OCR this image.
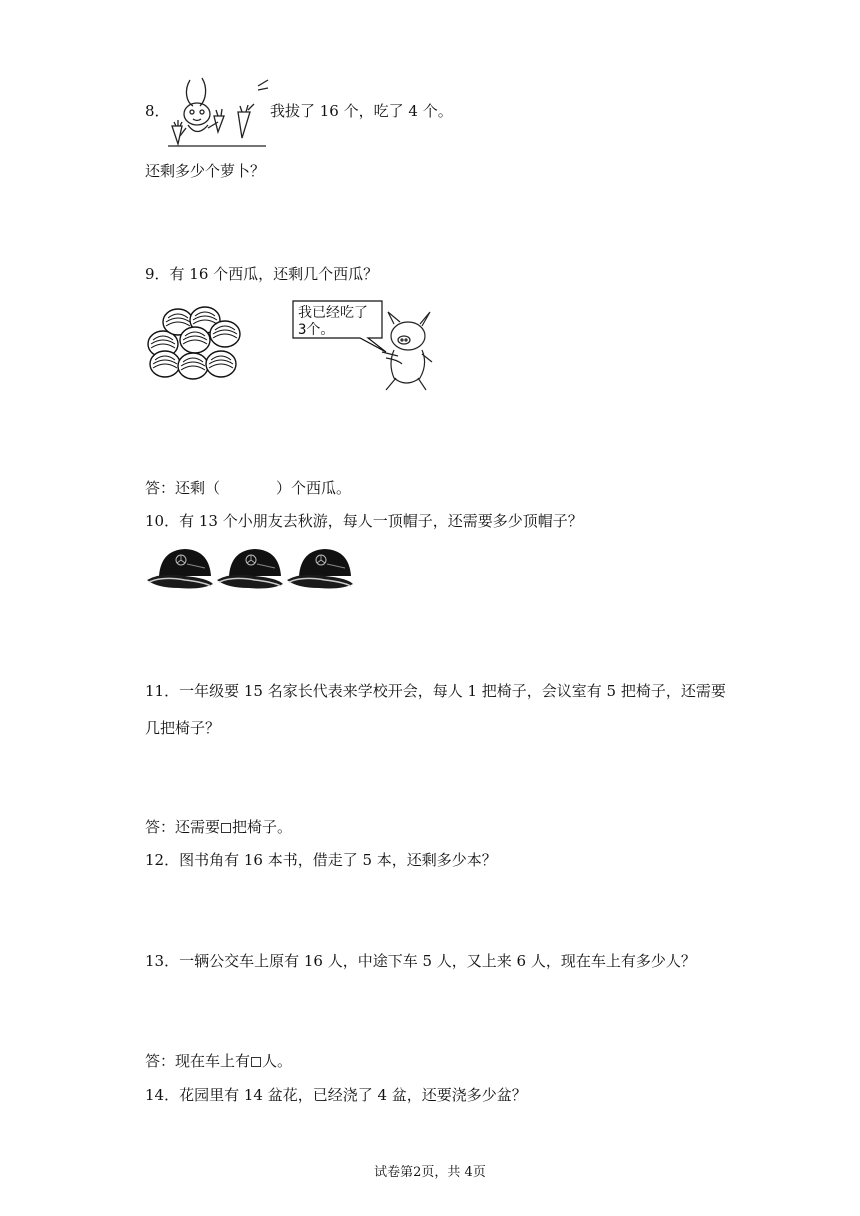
8．	我拔了 16 个，吃了 4 个。
还剩多少个萝卜？
9．有 16 个西瓜，还剩几个西瓜？
我已经吃了
3个。
答：还剩（	）个西瓜。
10．有 13 个小朋友去秋游，每人一顶帽子，还需要多少顶帽子？
11．一年级要 15 名家长代表来学校开会，每人 1 把椅子，会议室有 5 把椅子，还需要
几把椅子？
答：还需要 把椅子。
12．图书角有 16 本书，借走了 5 本，还剩多少本？
13．一辆公交车上原有 16 人，中途下车 5 人，又上来 6 人，现在车上有多少人？
答：现在车上有 人。
14．花园里有 14 盆花，已经浇了 4 盆，还要浇多少盆？
试卷第2页，共 4页
